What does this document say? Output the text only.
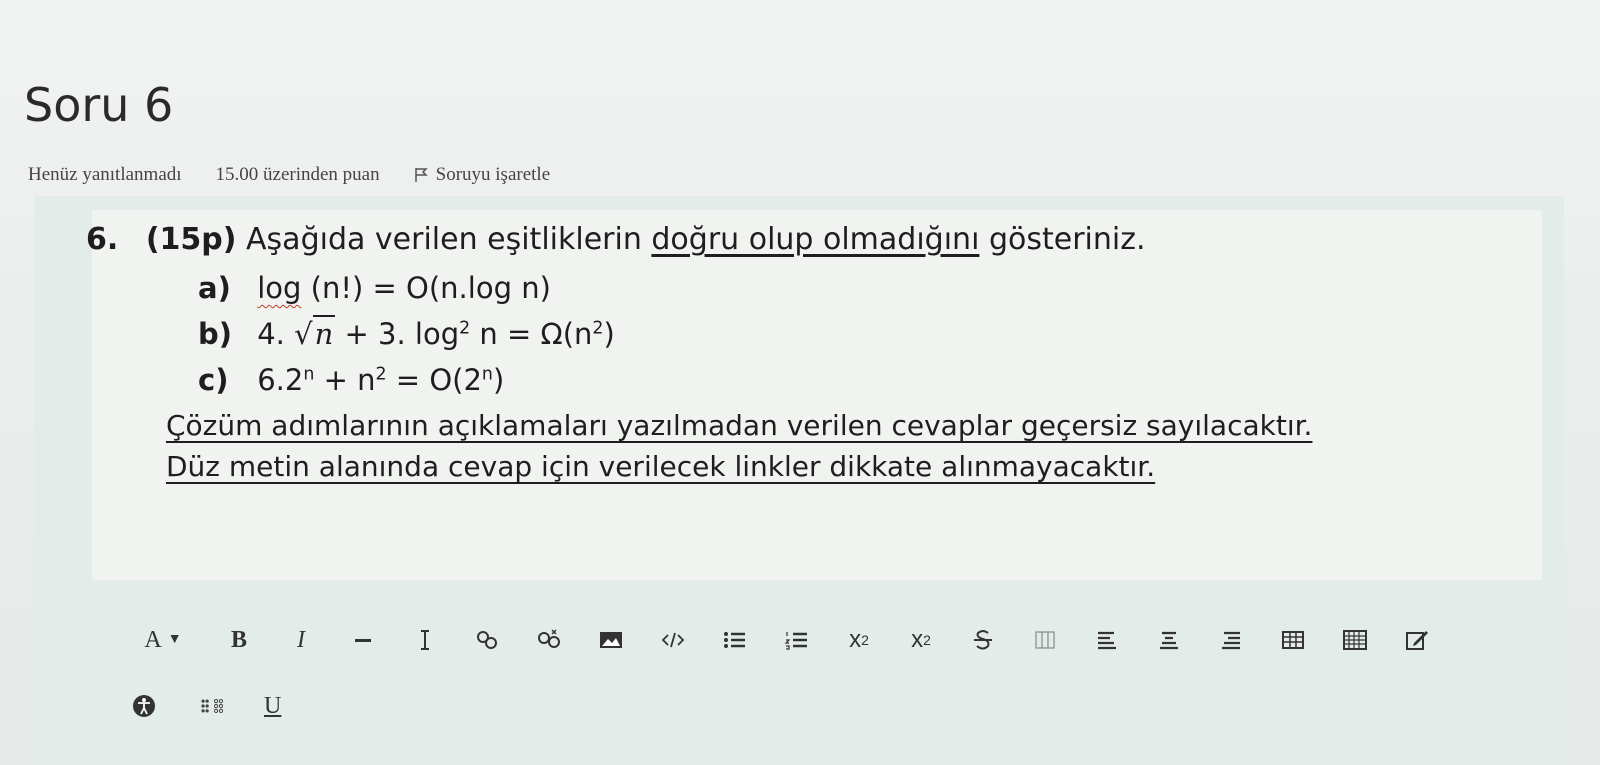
Soru 6
Henüz yanıtlanmadı 15.00 üzerinden puan	Soruyu işaretle
6. (15p) Aşağıda verilen eşitliklerin doğru olup olmadığını gösteriniz.
a) log (n!) = O(n.log n)
b) 4. √n + 3. $\log^2 n = \Omega(n^2)$
c) $6.2^n + n^2 = O(2^n)$
Çözüm adımlarının açıklamaları yazılmadan verilen cevaplar geçersiz sayılacaktır.
Düz metin alanında cevap için verilecek linkler dikkate alınmayacaktır.
A
▼	B	I	x 2 x 2
U
